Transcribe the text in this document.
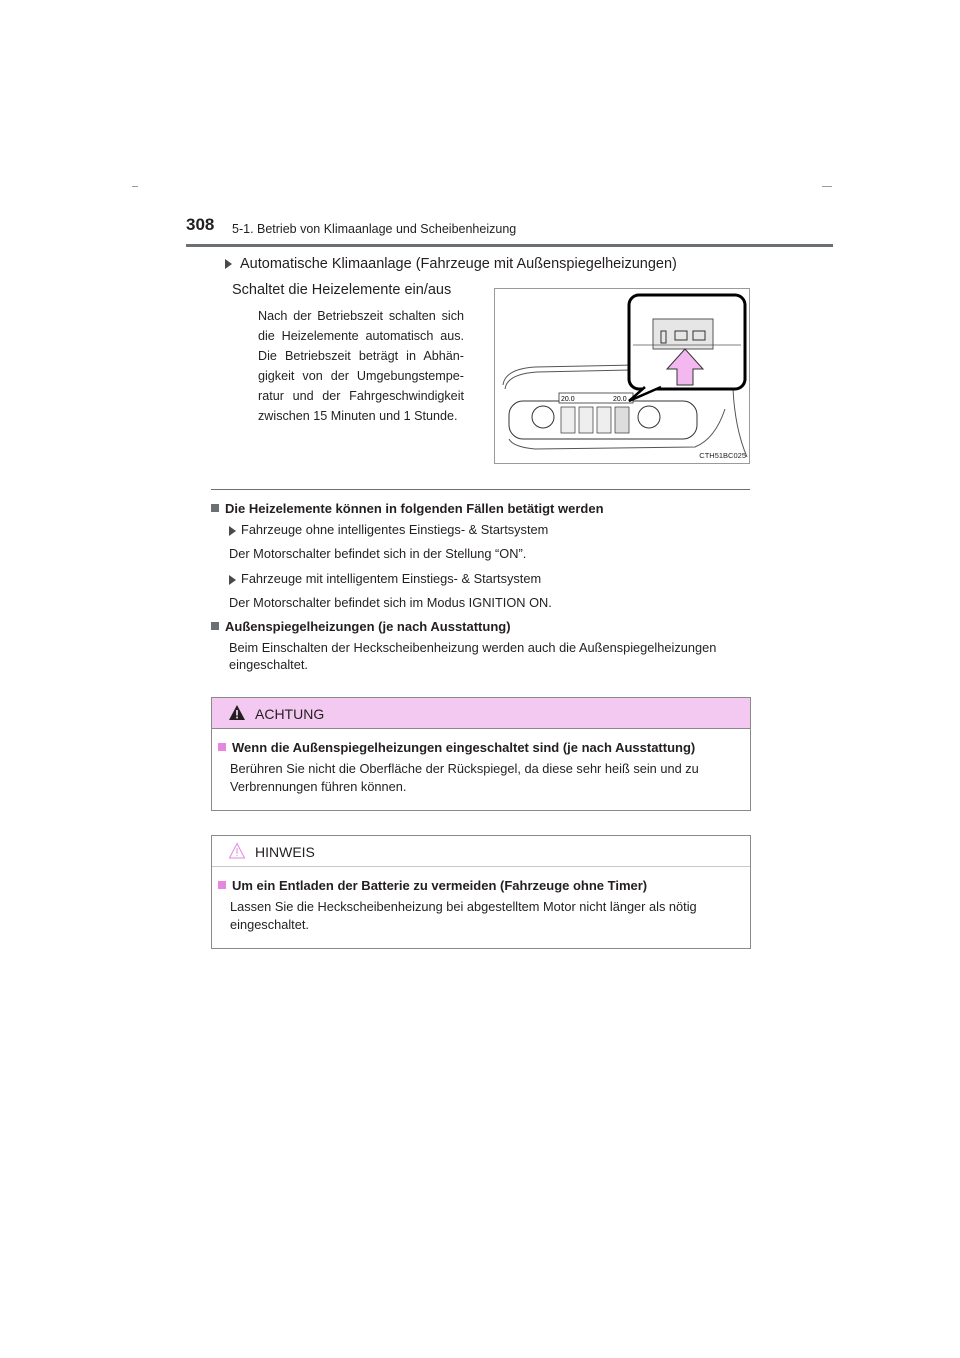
308 5-1. Betrieb von Klimaanlage und Scheibenheizung
Automatische Klimaanlage (Fahrzeuge mit Außenspiegelheizungen)
Schaltet die Heizelemente ein/aus
Nach der Betriebszeit schalten sich die Heizelemente automatisch aus. Die Betriebszeit beträgt in Abhän-gigkeit von der Umgebungstempe-ratur und der Fahrgeschwindigkeit zwischen 15 Minuten und 1 Stunde.
20.0	20.0
CTH51BC025
Die Heizelemente können in folgenden Fällen betätigt werden
Fahrzeuge ohne intelligentes Einstiegs- & Startsystem
Der Motorschalter befindet sich in der Stellung “ON”.
Fahrzeuge mit intelligentem Einstiegs- & Startsystem
Der Motorschalter befindet sich im Modus IGNITION ON.
Außenspiegelheizungen (je nach Ausstattung)
Beim Einschalten der Heckscheibenheizung werden auch die Außenspiegelheizungen
eingeschaltet.
ACHTUNG
Wenn die Außenspiegelheizungen eingeschaltet sind (je nach Ausstattung)
Berühren Sie nicht die Oberfläche der Rückspiegel, da diese sehr heiß sein und zu
Verbrennungen führen können.
HINWEIS
Um ein Entladen der Batterie zu vermeiden (Fahrzeuge ohne Timer)
Lassen Sie die Heckscheibenheizung bei abgestelltem Motor nicht länger als nötig
eingeschaltet.
